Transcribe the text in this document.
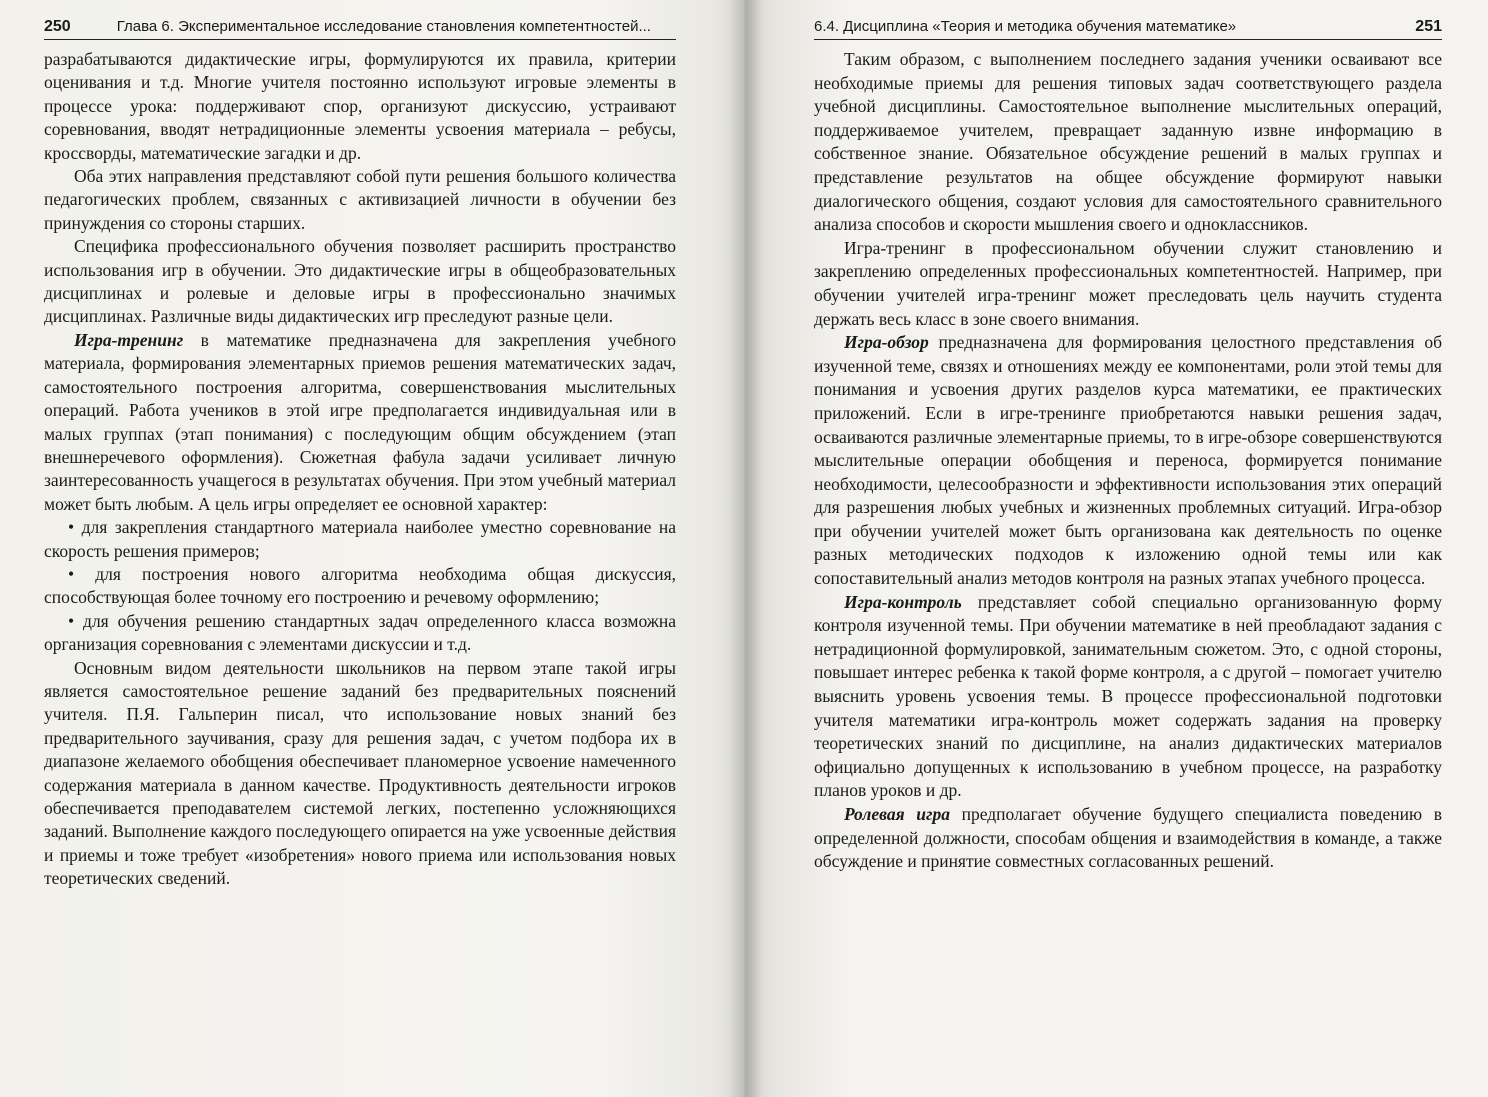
250	Глава 6. Экспериментальное исследование становления компетентностей...

разрабатываются дидактические игры, формулируются их правила, критерии оценивания и т.д. Многие учителя постоянно используют игровые элементы в процессе урока: поддерживают спор, организуют дискуссию, устраивают соревнования, вводят нетрадиционные элементы усвоения материала – ребусы, кроссворды, математические загадки и др.

Оба этих направления представляют собой пути решения большого количества педагогических проблем, связанных с активизацией личности в обучении без принуждения со стороны старших.

Специфика профессионального обучения позволяет расширить пространство использования игр в обучении. Это дидактические игры в общеобразовательных дисциплинах и ролевые и деловые игры в профессионально значимых дисциплинах. Различные виды дидактических игр преследуют разные цели.

Игра-тренинг в математике предназначена для закрепления учебного материала, формирования элементарных приемов решения математических задач, самостоятельного построения алгоритма, совершенствования мыслительных операций. Работа учеников в этой игре предполагается индивидуальная или в малых группах (этап понимания) с последующим общим обсуждением (этап внешнеречевого оформления). Сюжетная фабула задачи усиливает личную заинтересованность учащегося в результатах обучения. При этом учебный материал может быть любым. А цель игры определяет ее основной характер:

• для закрепления стандартного материала наиболее уместно соревнование на скорость решения примеров;

• для построения нового алгоритма необходима общая дискуссия, способствующая более точному его построению и речевому оформлению;

• для обучения решению стандартных задач определенного класса возможна организация соревнования с элементами дискуссии и т.д.

Основным видом деятельности школьников на первом этапе такой игры является самостоятельное решение заданий без предварительных пояснений учителя. П.Я. Гальперин писал, что использование новых знаний без предварительного заучивания, сразу для решения задач, с учетом подбора их в диапазоне желаемого обобщения обеспечивает планомерное усвоение намеченного содержания материала в данном качестве. Продуктивность деятельности игроков обеспечивается преподавателем системой легких, постепенно усложняющихся заданий. Выполнение каждого последующего опирается на уже усвоенные действия и приемы и тоже требует «изобретения» нового приема или использования новых теоретических сведений.

6.4. Дисциплина «Теория и методика обучения математике»	251

Таким образом, с выполнением последнего задания ученики осваивают все необходимые приемы для решения типовых задач соответствующего раздела учебной дисциплины. Самостоятельное выполнение мыслительных операций, поддерживаемое учителем, превращает заданную извне информацию в собственное знание. Обязательное обсуждение решений в малых группах и представление результатов на общее обсуждение формируют навыки диалогического общения, создают условия для самостоятельного сравнительного анализа способов и скорости мышления своего и одноклассников.

Игра-тренинг в профессиональном обучении служит становлению и закреплению определенных профессиональных компетентностей. Например, при обучении учителей игра-тренинг может преследовать цель научить студента держать весь класс в зоне своего внимания.

Игра-обзор предназначена для формирования целостного представления об изученной теме, связях и отношениях между ее компонентами, роли этой темы для понимания и усвоения других разделов курса математики, ее практических приложений. Если в игре-тренинге приобретаются навыки решения задач, осваиваются различные элементарные приемы, то в игре-обзоре совершенствуются мыслительные операции обобщения и переноса, формируется понимание необходимости, целесообразности и эффективности использования этих операций для разрешения любых учебных и жизненных проблемных ситуаций. Игра-обзор при обучении учителей может быть организована как деятельность по оценке разных методических подходов к изложению одной темы или как сопоставительный анализ методов контроля на разных этапах учебного процесса.

Игра-контроль представляет собой специально организованную форму контроля изученной темы. При обучении математике в ней преобладают задания с нетрадиционной формулировкой, занимательным сюжетом. Это, с одной стороны, повышает интерес ребенка к такой форме контроля, а с другой – помогает учителю выяснить уровень усвоения темы. В процессе профессиональной подготовки учителя математики игра-контроль может содержать задания на проверку теоретических знаний по дисциплине, на анализ дидактических материалов официально допущенных к использованию в учебном процессе, на разработку планов уроков и др.

Ролевая игра предполагает обучение будущего специалиста поведению в определенной должности, способам общения и взаимодействия в команде, а также обсуждение и принятие совместных согласованных решений.
